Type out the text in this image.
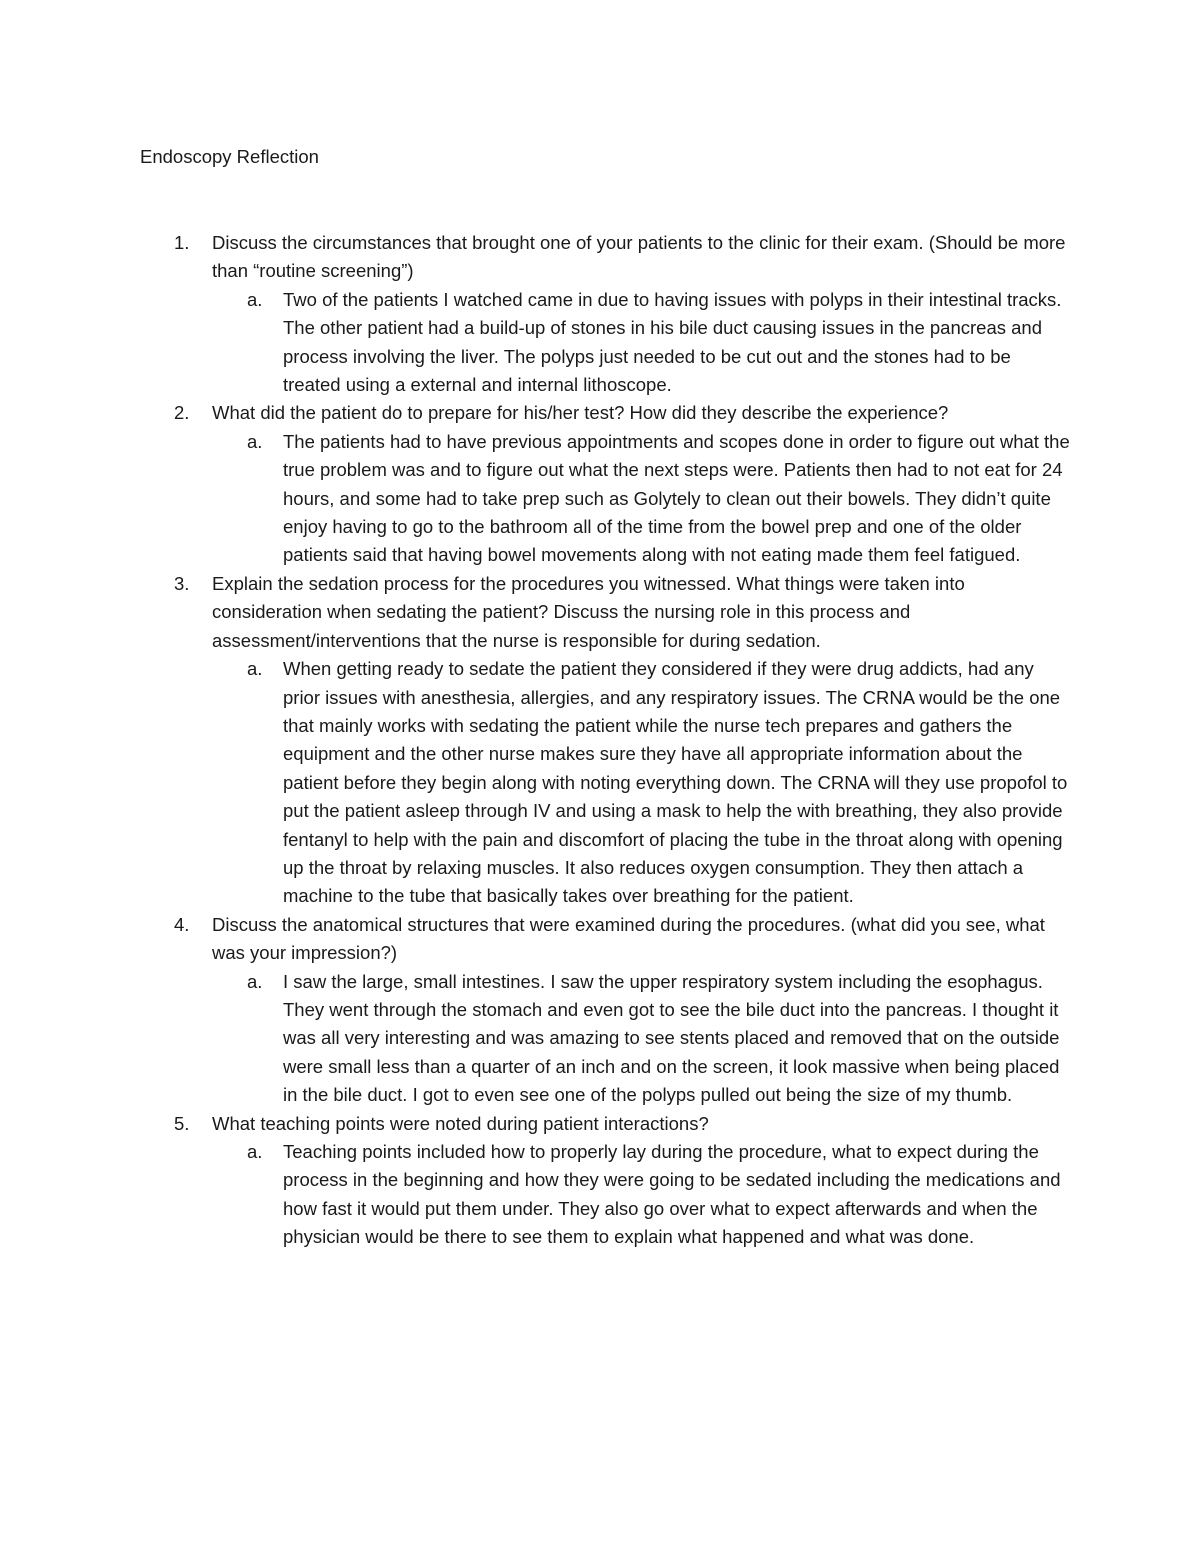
Endoscopy Reflection
1.	Discuss the circumstances that brought one of your patients to the clinic for their exam. (Should be more than “routine screening”)
a.	Two of the patients I watched came in due to having issues with polyps in their intestinal tracks. The other patient had a build-up of stones in his bile duct causing issues in the pancreas and process involving the liver. The polyps just needed to be cut out and the stones had to be treated using a external and internal lithoscope.
2.	What did the patient do to prepare for his/her test? How did they describe the experience?
a.	The patients had to have previous appointments and scopes done in order to figure out what the true problem was and to figure out what the next steps were. Patients then had to not eat for 24 hours, and some had to take prep such as Golytely to clean out their bowels. They didn’t quite enjoy having to go to the bathroom all of the time from the bowel prep and one of the older patients said that having bowel movements along with not eating made them feel fatigued.
3.	Explain the sedation process for the procedures you witnessed. What things were taken into consideration when sedating the patient? Discuss the nursing role in this process and assessment/interventions that the nurse is responsible for during sedation.
a.	When getting ready to sedate the patient they considered if they were drug addicts, had any prior issues with anesthesia, allergies, and any respiratory issues. The CRNA would be the one that mainly works with sedating the patient while the nurse tech prepares and gathers the equipment and the other nurse makes sure they have all appropriate information about the patient before they begin along with noting everything down. The CRNA will they use propofol to put the patient asleep through IV and using a mask to help the with breathing, they also provide fentanyl to help with the pain and discomfort of placing the tube in the throat along with opening up the throat by relaxing muscles. It also reduces oxygen consumption. They then attach a machine to the tube that basically takes over breathing for the patient.
4.	Discuss the anatomical structures that were examined during the procedures. (what did you see, what was your impression?)
a.	I saw the large, small intestines. I saw the upper respiratory system including the esophagus. They went through the stomach and even got to see the bile duct into the pancreas. I thought it was all very interesting and was amazing to see stents placed and removed that on the outside were small less than a quarter of an inch and on the screen, it look massive when being placed in the bile duct. I got to even see one of the polyps pulled out being the size of my thumb.
5.	What teaching points were noted during patient interactions?
a.	Teaching points included how to properly lay during the procedure, what to expect during the process in the beginning and how they were going to be sedated including the medications and how fast it would put them under. They also go over what to expect afterwards and when the physician would be there to see them to explain what happened and what was done.
